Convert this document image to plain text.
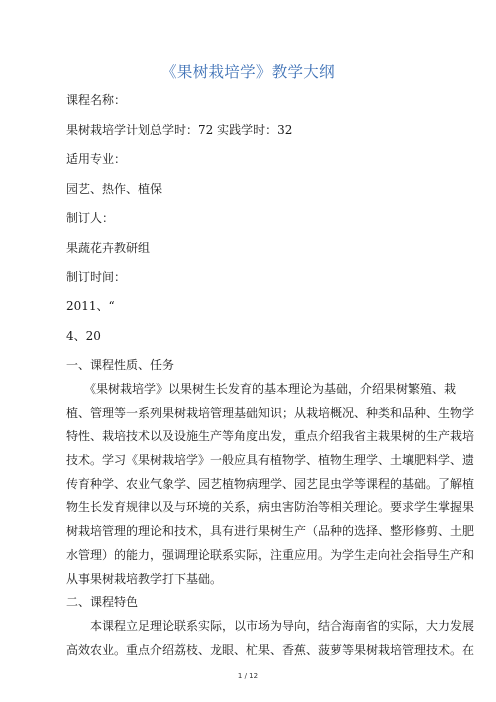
《果树栽培学》教学大纲
课程名称：
果树栽培学计划总学时：72 实践学时：32
适用专业：
园艺、热作、植保
制订人：
果蔬花卉教研组
制订时间：
2011、“
4、20
一、课程性质、任务
　　《果树栽培学》以果树生长发育的基本理论为基础，介绍果树繁殖、栽
植、管理等一系列果树栽培管理基础知识；从栽培概况、种类和品种、生物学
特性、栽培技术以及设施生产等角度出发，重点介绍我省主栽果树的生产栽培
技术。学习《果树栽培学》一般应具有植物学、植物生理学、土壤肥料学、遗
传育种学、农业气象学、园艺植物病理学、园艺昆虫学等课程的基础。了解植
物生长发育规律以及与环境的关系，病虫害防治等相关理论。要求学生掌握果
树栽培管理的理论和技术，具有进行果树生产（品种的选择、整形修剪、土肥
水管理）的能力，强调理论联系实际，注重应用。为学生走向社会指导生产和
从事果树栽培教学打下基础。
二、课程特色
　　本课程立足理论联系实际，以市场为导向，结合海南省的实际，大力发展
高效农业。重点介绍荔枝、龙眼、杧果、香蕉、菠萝等果树栽培管理技术。在
1 / 12
